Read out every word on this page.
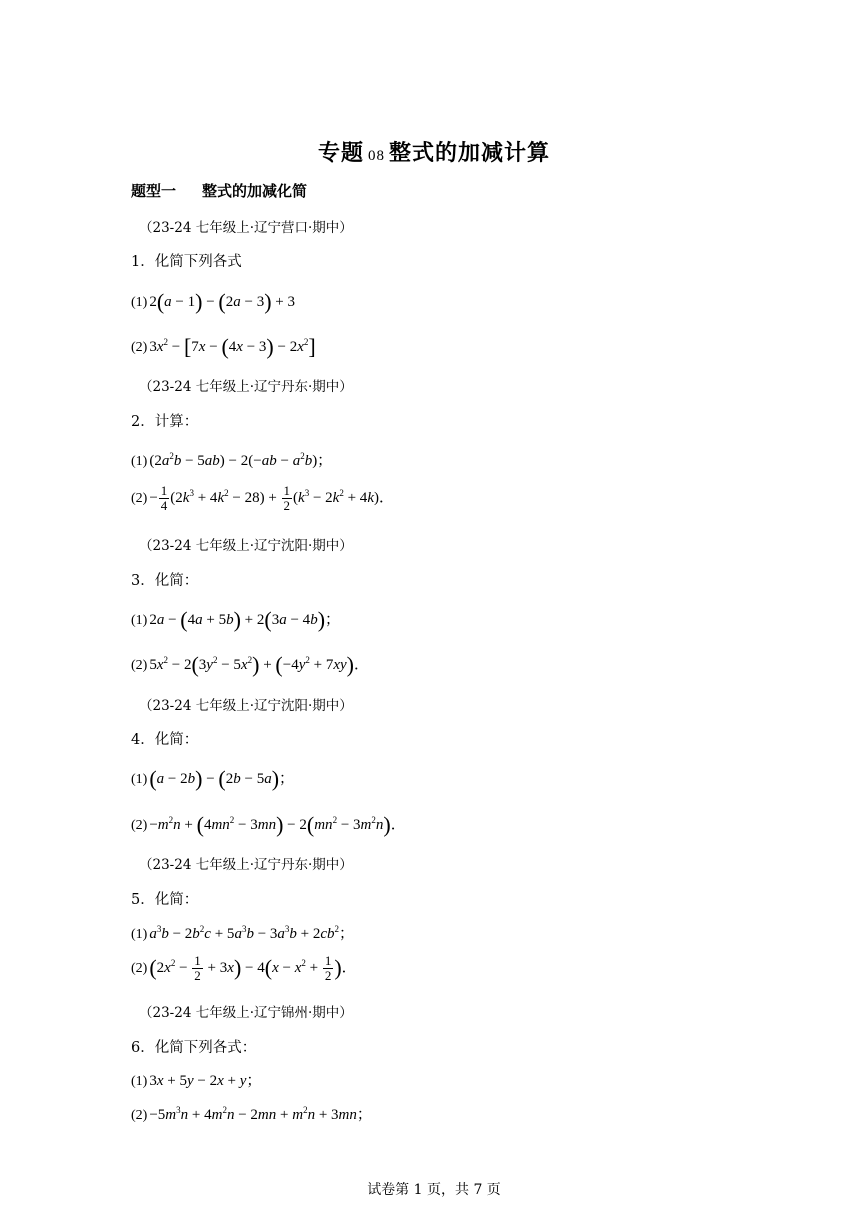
专题 08 整式的加减计算
题型一 整式的加减化简
（23-24 七年级上·辽宁营口·期中）
1．化简下列各式
(1) 2(a − 1) − (2a − 3) + 3
(2) $3x^2 - [7x - (4x - 3) - 2x^2]$
（23-24 七年级上·辽宁丹东·期中）
2．计算：
(1) $(2a^2b - 5ab) - 2(-ab - a^2b)$；
$(2) - \frac{1}{4} (2k^3 + 4k^2 - 28) + \frac{1}{2} (k^3 - 2k^2 + 4k)$．
（23-24 七年级上·辽宁沈阳·期中）
3．化简：
(1) 2a − (4a + 5b) + 2(3a − 4b)；
(2) $5x^2 - 2(3y^2 - 5x^2) + (-4y^2 + 7xy)$．
（23-24 七年级上·辽宁沈阳·期中）
4．化简：
(1)(a − 2b) − (2b − 5a)；
$(2) -m^2n + (4mn^2 - 3mn) - 2(mn^2 - 3m^2n)$．
（23-24 七年级上·辽宁丹东·期中）
5．化简：
(1) $a^3b - 2b^2c + 5a^3b - 3a^3b + 2cb^2$；
$(2)(2x^2 - \frac{1}{2} + 3x) - 4(x - x^2 + \frac{1}{2}$ )．
（23-24 七年级上·辽宁锦州·期中）
6．化简下列各式：
(1) 3x + 5y − 2x + y；
$(2) -5m^3n + 4m^2n - 2mn + m^2n + 3mn$；
试卷第 1 页，共 7 页
